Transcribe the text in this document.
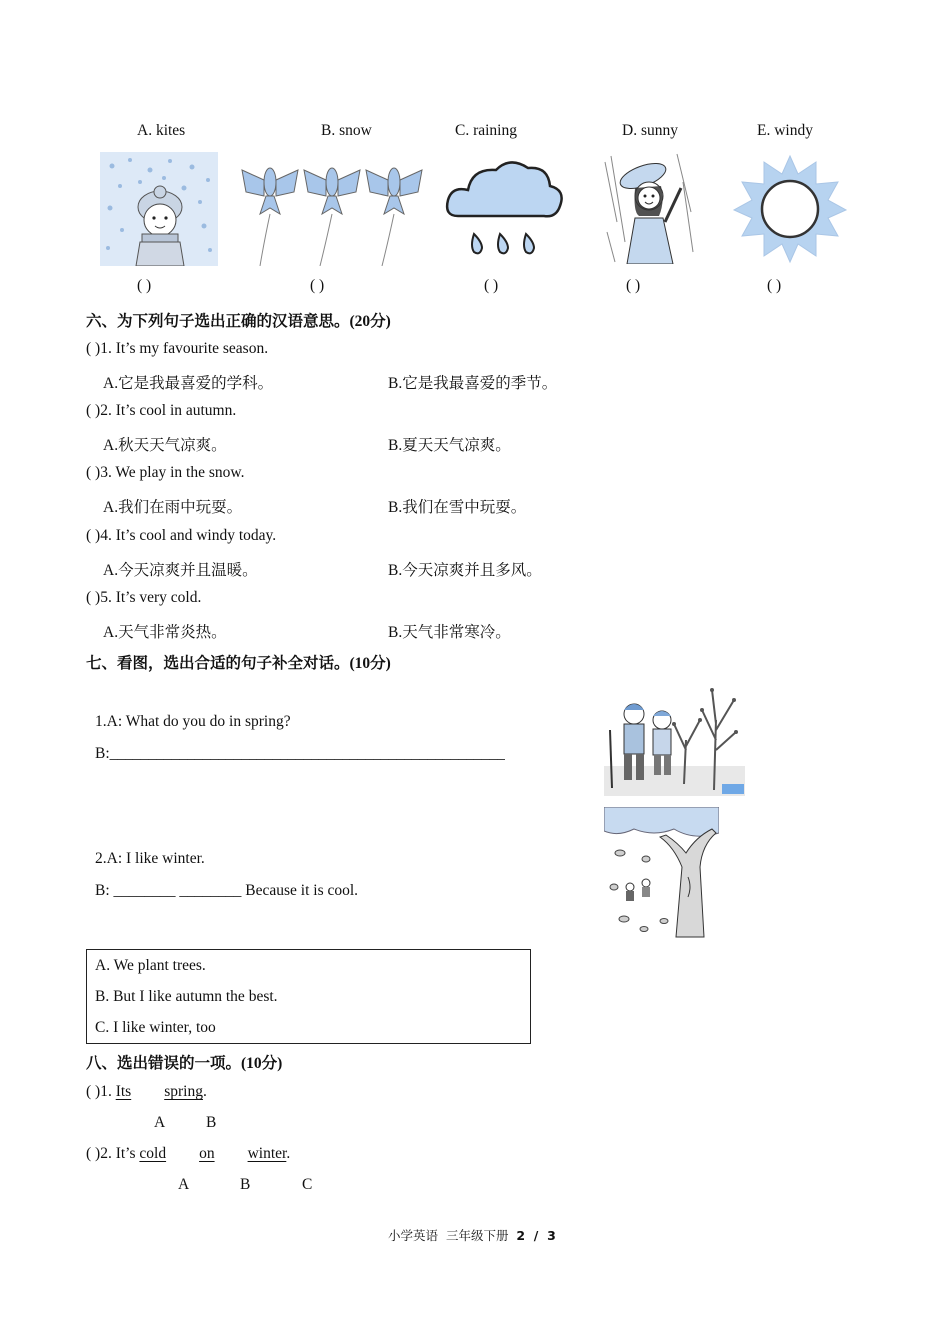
A. kites	B. snow	C. raining	D. sunny	E. windy
( )	( )	( )	( )	( )
六、为下列句子选出正确的汉语意思。(20分)
( )1. It’s my favourite season.
A.它是我最喜爱的学科。	B.它是我最喜爱的季节。
( )2. It’s cool in autumn.
A.秋天天气凉爽。	B.夏天天气凉爽。
( )3. We play in the snow.
A.我们在雨中玩耍。	B.我们在雪中玩耍。
( )4. It’s cool and windy today.
A.今天凉爽并且温暖。	B.今天凉爽并且多风。
( )5. It’s very cold.
A.天气非常炎热。	B.天气非常寒冷。
七、看图，选出合适的句子补全对话。(10分)
1.A: What do you do in spring?
B:___________________________________________________
2.A: I like winter.
B: ________ ________ Because it is cool.
A. We plant trees.
B. But I like autumn the best.
C. I like winter, too
八、选出错误的一项。(10分)
( )1. Its spring.
A	B
( )2. It’s cold on winter.
A	B	C
小学英语  三年级下册  2  /  3
